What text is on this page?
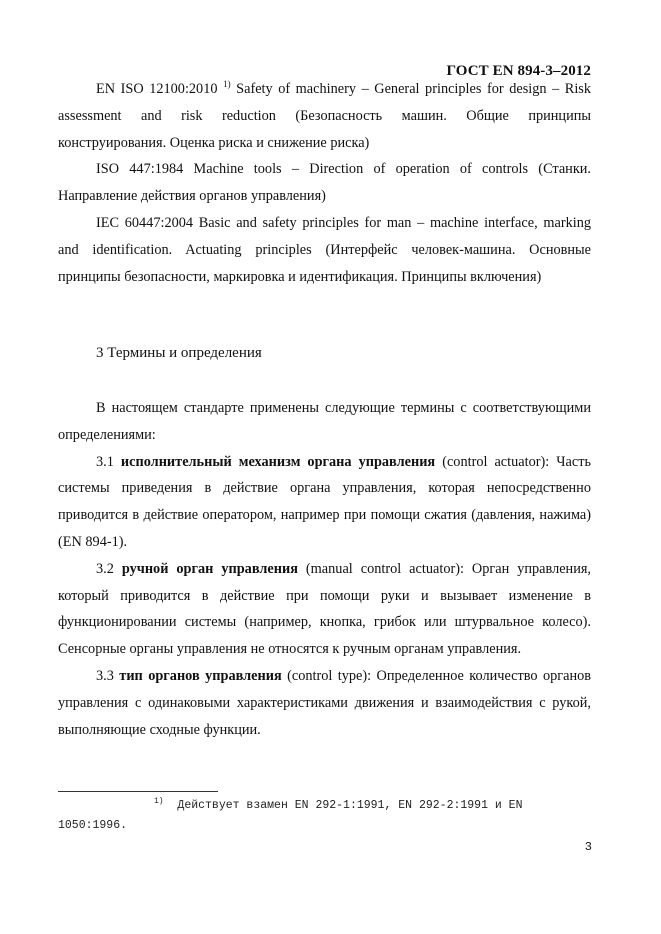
ГОСТ EN 894-3–2012

EN ISO 12100:2010 $^{1)}$ Safety of machinery – General principles for design – Risk assessment and risk reduction (Безопасность машин. Общие принципы конструирования. Оценка риска и снижение риска)

ISO 447:1984 Machine tools – Direction of operation of controls (Станки. Направление действия органов управления)

IEC 60447:2004 Basic and safety principles for man – machine interface, marking and identification. Actuating principles (Интерфейс человек-машина. Основные принципы безопасности, маркировка и идентификация. Принципы включения)

3 Термины и определения

В настоящем стандарте применены следующие термины с соответствующими определениями:

3.1 исполнительный механизм органа управления (control actuator): Часть системы приведения в действие органа управления, которая непосредственно приводится в действие оператором, например при помощи сжатия (давления, нажима) (EN 894-1).

3.2 ручной орган управления (manual control actuator): Орган управления, который приводится в действие при помощи руки и вызывает изменение в функционировании системы (например, кнопка, грибок или штурвальное колесо). Сенсорные органы управления не относятся к ручным органам управления.

3.3 тип органов управления (control type): Определенное количество органов управления с одинаковыми характеристиками движения и взаимодействия с рукой, выполняющие сходные функции.

$^{1)}$ Действует взамен EN 292-1:1991, EN 292-2:1991 и EN 1050:1996.
3
